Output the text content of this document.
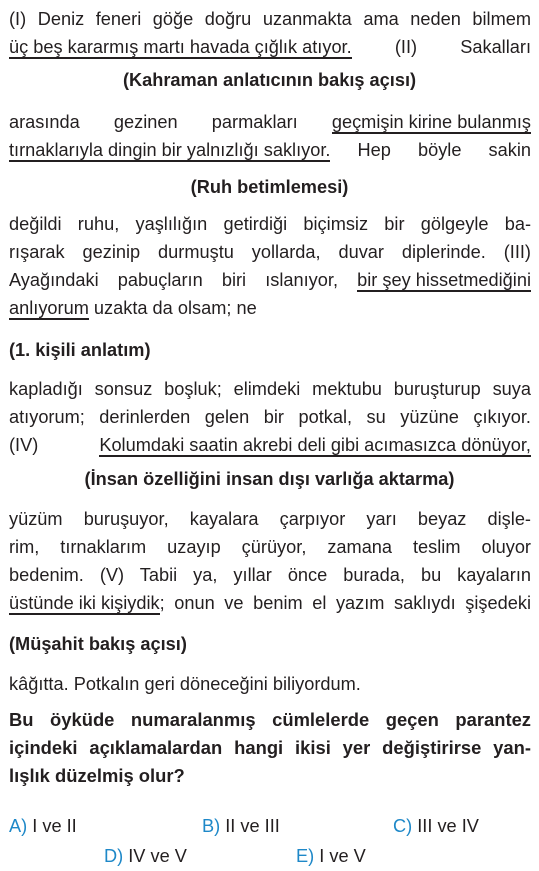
(I) Deniz feneri göğe doğru uzanmakta ama neden bilmem
üç beş kararmış martı havada çığlık atıyor. (II) Sakalları
(Kahraman anlatıcının bakış açısı)
arasında gezinen parmakları geçmişin kirine bulanmış
tırnaklarıyla dingin bir yalnızlığı saklıyor. Hep böyle sakin
(Ruh betimlemesi)
değildi ruhu, yaşlılığın getirdiği biçimsiz bir gölgeyle ba-
rışarak gezinip durmuştu yollarda, duvar diplerinde. (III)
Ayağındaki pabuçların biri ıslanıyor, bir şey hissetmediğini
anlıyorum uzakta da olsam; ne
(1. kişili anlatım)
kapladığı sonsuz boşluk; elimdeki mektubu buruşturup suya
atıyorum; derinlerden gelen bir potkal, su yüzüne çıkıyor.
(IV) Kolumdaki saatin akrebi deli gibi acımasızca dönüyor,
(İnsan özelliğini insan dışı varlığa aktarma)
yüzüm buruşuyor, kayalara çarpıyor yarı beyaz dişle-
rim, tırnaklarım uzayıp çürüyor, zamana teslim oluyor
bedenim. (V) Tabii ya, yıllar önce burada, bu kayaların
üstünde iki kişiydik; onun ve benim el yazım saklıydı şişedeki
(Müşahit bakış açısı)
kâğıtta. Potkalın geri döneceğini biliyordum.
Bu öyküde numaralanmış cümlelerde geçen parantez
içindeki açıklamalardan hangi ikisi yer değiştirirse yan-
lışlık düzelmiş olur?
A) I ve II	B) II ve III	C) III ve IV
D) IV ve V	E) I ve V
